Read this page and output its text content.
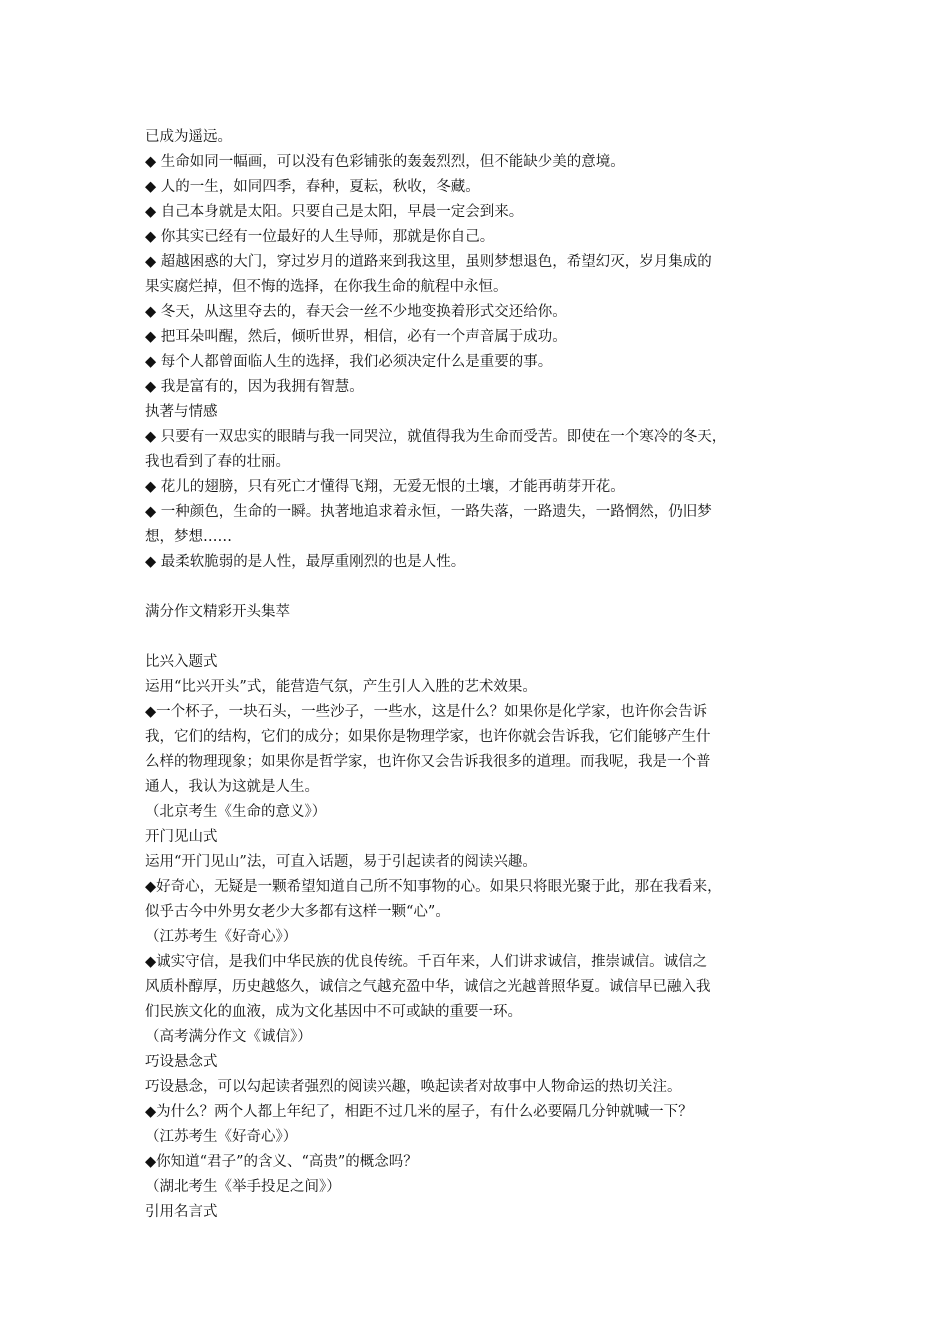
已成为遥远。
◆ 生命如同一幅画，可以没有色彩铺张的轰轰烈烈，但不能缺少美的意境。
◆ 人的一生，如同四季，春种，夏耘，秋收，冬藏。
◆ 自己本身就是太阳。只要自己是太阳，早晨一定会到来。
◆ 你其实已经有一位最好的人生导师，那就是你自己。
◆ 超越困惑的大门，穿过岁月的道路来到我这里，虽则梦想退色，希望幻灭，岁月集成的
果实腐烂掉，但不悔的选择，在你我生命的航程中永恒。
◆ 冬天，从这里夺去的，春天会一丝不少地变换着形式交还给你。
◆ 把耳朵叫醒，然后，倾听世界，相信，必有一个声音属于成功。
◆ 每个人都曾面临人生的选择，我们必须决定什么是重要的事。
◆ 我是富有的，因为我拥有智慧。
执著与情感
◆ 只要有一双忠实的眼睛与我一同哭泣，就值得我为生命而受苦。即使在一个寒冷的冬天，
我也看到了春的壮丽。
◆ 花儿的翅膀，只有死亡才懂得飞翔，无爱无恨的土壤，才能再萌芽开花。
◆ 一种颜色，生命的一瞬。执著地追求着永恒，一路失落，一路遗失，一路惘然，仍旧梦
想，梦想……
◆ 最柔软脆弱的是人性，最厚重刚烈的也是人性。
满分作文精彩开头集萃
比兴入题式
运用“比兴开头”式，能营造气氛，产生引人入胜的艺术效果。
◆一个杯子，一块石头，一些沙子，一些水，这是什么？如果你是化学家，也许你会告诉
我，它们的结构，它们的成分；如果你是物理学家，也许你就会告诉我，它们能够产生什
么样的物理现象；如果你是哲学家，也许你又会告诉我很多的道理。而我呢，我是一个普
通人，我认为这就是人生。
（北京考生《生命的意义》）
开门见山式
运用“开门见山”法，可直入话题，易于引起读者的阅读兴趣。
◆好奇心，无疑是一颗希望知道自己所不知事物的心。如果只将眼光聚于此，那在我看来，
似乎古今中外男女老少大多都有这样一颗“心”。
（江苏考生《好奇心》）
◆诚实守信，是我们中华民族的优良传统。千百年来，人们讲求诚信，推崇诚信。诚信之
风质朴醇厚，历史越悠久，诚信之气越充盈中华，诚信之光越普照华夏。诚信早已融入我
们民族文化的血液，成为文化基因中不可或缺的重要一环。
（高考满分作文《诚信》）
巧设悬念式
巧设悬念，可以勾起读者强烈的阅读兴趣，唤起读者对故事中人物命运的热切关注。
◆为什么？两个人都上年纪了，相距不过几米的屋子，有什么必要隔几分钟就喊一下？
（江苏考生《好奇心》）
◆你知道“君子”的含义、“高贵”的概念吗？
（湖北考生《举手投足之间》）
引用名言式
